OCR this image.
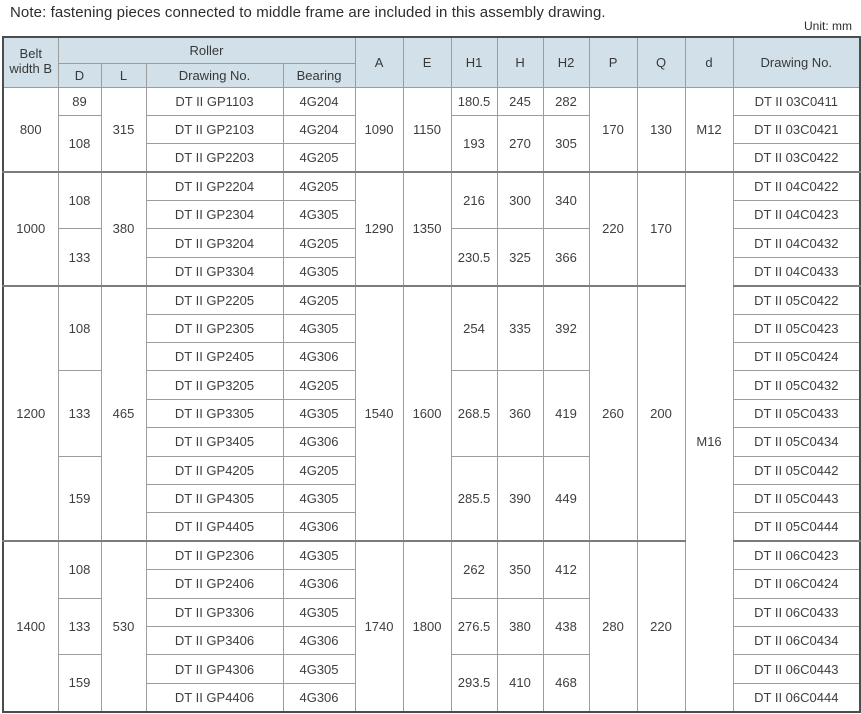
Note: fastening pieces connected to middle frame are included in this assembly drawing.
Unit: mm
Belt width B	Roller				A	E	H1	H	H2	P	Q	d	Drawing No.
	D	L	Drawing No.	Bearing									
800	89	315	DT II GP1103	4G204	1090	1150	180.5	245	282	170	130	M12	DT II 03C0411
	108		DT II GP2103	4G204			193	270	305				DT II 03C0421
			DT II GP2203	4G205									DT II 03C0422
1000	108	380	DT II GP2204	4G205	1290	1350	216	300	340	220	170	M16	DT II 04C0422
			DT II GP2304	4G305									DT II 04C0423
	133		DT II GP3204	4G205			230.5	325	366				DT II 04C0432
			DT II GP3304	4G305									DT II 04C0433
1200	108	465	DT II GP2205	4G205	1540	1600	254	335	392	260	200		DT II 05C0422
			DT II GP2305	4G305									DT II 05C0423
			DT II GP2405	4G306									DT II 05C0424
	133		DT II GP3205	4G205			268.5	360	419				DT II 05C0432
			DT II GP3305	4G305									DT II 05C0433
			DT II GP3405	4G306									DT II 05C0434
	159		DT II GP4205	4G205			285.5	390	449				DT II 05C0442
			DT II GP4305	4G305									DT II 05C0443
			DT II GP4405	4G306									DT II 05C0444
1400	108	530	DT II GP2306	4G305	1740	1800	262	350	412	280	220		DT II 06C0423
			DT II GP2406	4G306									DT II 06C0424
	133		DT II GP3306	4G305			276.5	380	438				DT II 06C0433
			DT II GP3406	4G306									DT II 06C0434
	159		DT II GP4306	4G305			293.5	410	468				DT II 06C0443
			DT II GP4406	4G306									DT II 06C0444
